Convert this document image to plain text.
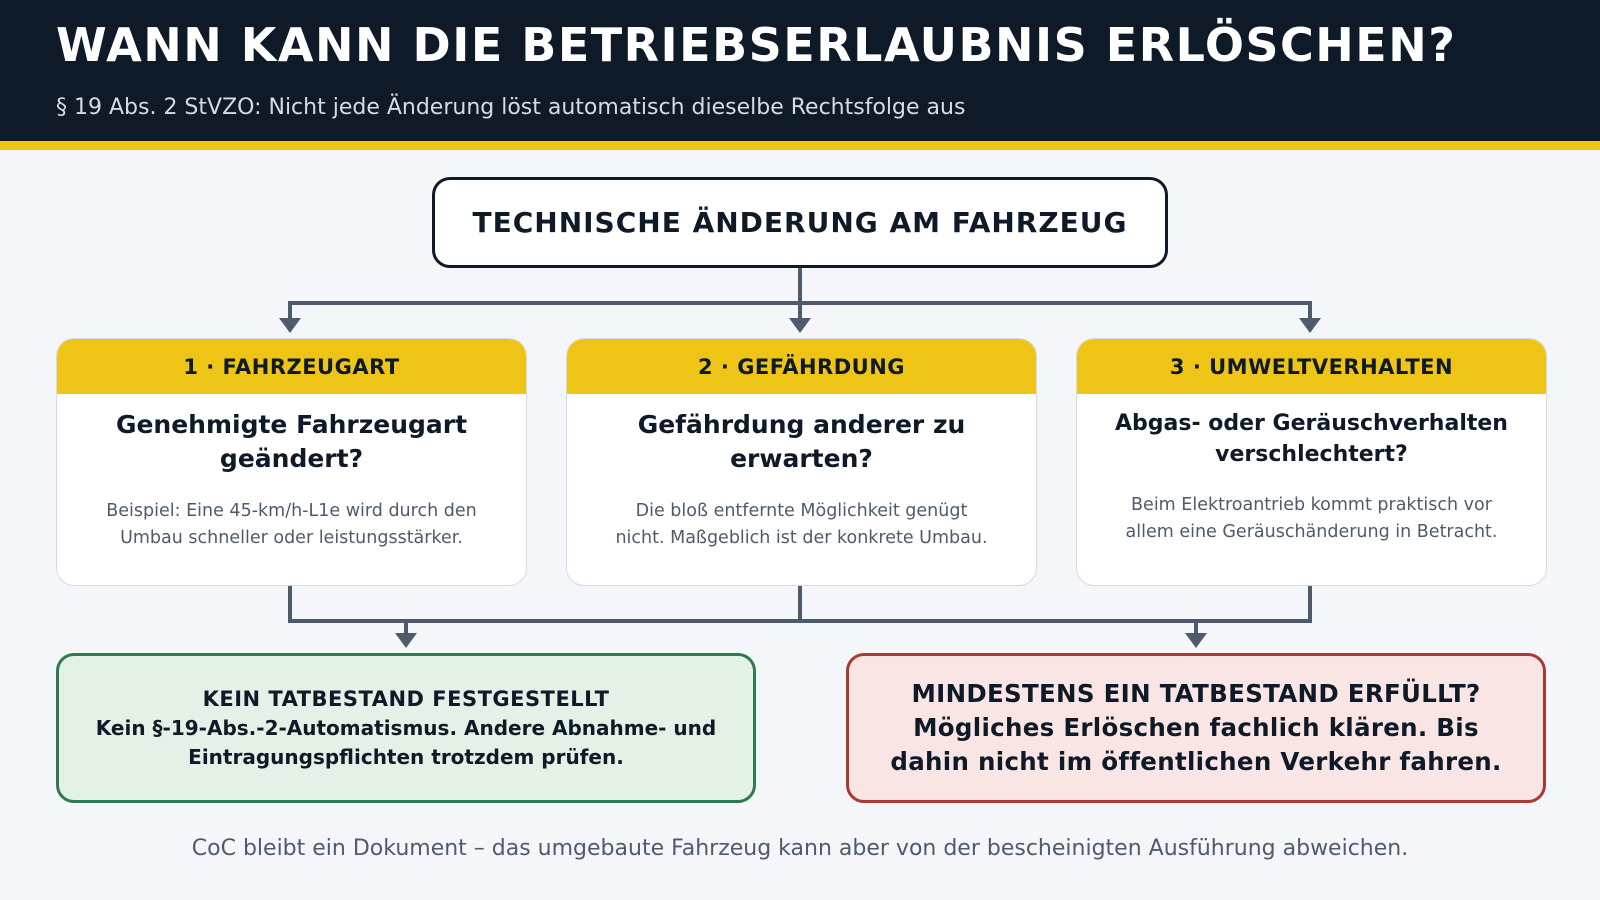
WANN KANN DIE BETRIEBSERLAUBNIS ERLÖSCHEN?
§ 19 Abs. 2 StVZO: Nicht jede Änderung löst automatisch dieselbe Rechtsfolge aus
TECHNISCHE ÄNDERUNG AM FAHRZEUG
1 · FAHRZEUGART
Genehmigte Fahrzeugart geändert?
Beispiel: Eine 45-km/h-L1e wird durch den Umbau schneller oder leistungsstärker.
2 · GEFÄHRDUNG
Gefährdung anderer zu erwarten?
Die bloß entfernte Möglichkeit genügt nicht. Maßgeblich ist der konkrete Umbau.
3 · UMWELTVERHALTEN
Abgas- oder Geräuschverhalten verschlechtert?
Beim Elektroantrieb kommt praktisch vor allem eine Geräuschänderung in Betracht.
KEIN TATBESTAND FESTGESTELLT
Kein §-19-Abs.-2-Automatismus. Andere Abnahme- und Eintragungspflichten trotzdem prüfen.
MINDESTENS EIN TATBESTAND ERFÜLLT? Mögliches Erlöschen fachlich klären. Bis dahin nicht im öffentlichen Verkehr fahren.
CoC bleibt ein Dokument – das umgebaute Fahrzeug kann aber von der bescheinigten Ausführung abweichen.
